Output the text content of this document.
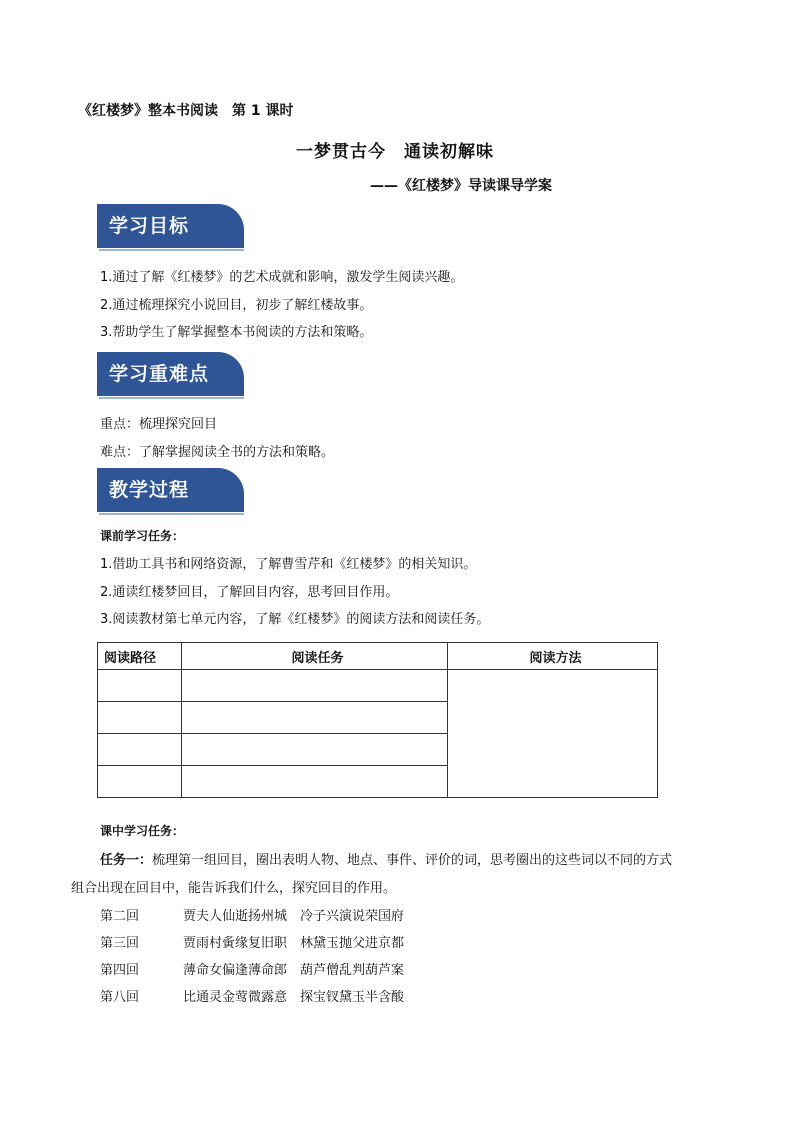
《红楼梦》整本书阅读　第 1 课时
一梦贯古今　通读初解味
——《红楼梦》导读课导学案
学习目标
1.通过了解《红楼梦》的艺术成就和影响，激发学生阅读兴趣。
2.通过梳理探究小说回目，初步了解红楼故事。
3.帮助学生了解掌握整本书阅读的方法和策略。
学习重难点
重点：梳理探究回目
难点：了解掌握阅读全书的方法和策略。
教学过程
课前学习任务：
1.借助工具书和网络资源，了解曹雪芹和《红楼梦》的相关知识。
2.通读红楼梦回目，了解回目内容，思考回目作用。
3.阅读教材第七单元内容，了解《红楼梦》的阅读方法和阅读任务。
阅读路径	阅读任务	阅读方法

课中学习任务：
任务一：梳理第一组回目，圈出表明人物、地点、事件、评价的词，思考圈出的这些词以不同的方式
组合出现在回目中，能告诉我们什么，探究回目的作用。
第二回	贾夫人仙逝扬州城　冷子兴演说荣国府
第三回	贾雨村夤缘复旧职　林黛玉抛父进京都
第四回	薄命女偏逢薄命郎　葫芦僧乱判葫芦案
第八回	比通灵金莺微露意　探宝钗黛玉半含酸
